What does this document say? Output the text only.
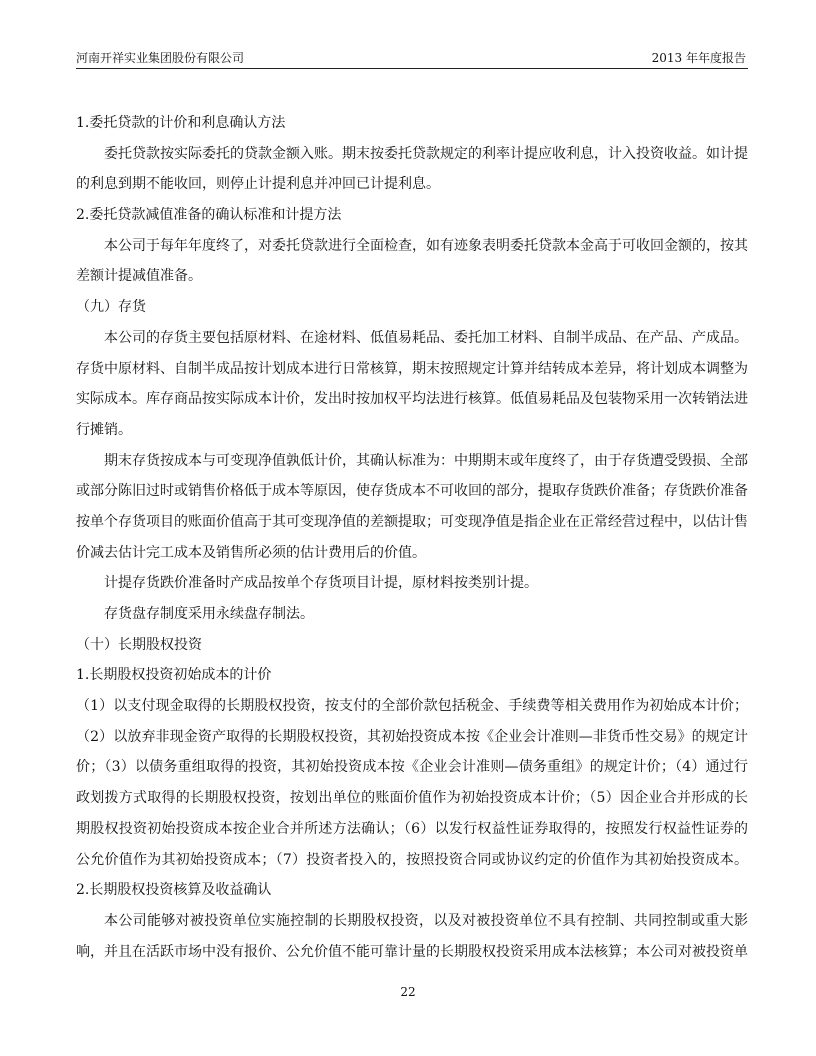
河南开祥实业集团股份有限公司	2013 年年度报告
1.委托贷款的计价和利息确认方法
委托贷款按实际委托的贷款金额入账。期末按委托贷款规定的利率计提应收利息，计入投资收益。如计提
的利息到期不能收回，则停止计提利息并冲回已计提利息。
2.委托贷款减值准备的确认标准和计提方法
本公司于每年年度终了，对委托贷款进行全面检查，如有迹象表明委托贷款本金高于可收回金额的，按其
差额计提减值准备。
（九）存货
本公司的存货主要包括原材料、在途材料、低值易耗品、委托加工材料、自制半成品、在产品、产成品。
存货中原材料、自制半成品按计划成本进行日常核算，期末按照规定计算并结转成本差异，将计划成本调整为
实际成本。库存商品按实际成本计价，发出时按加权平均法进行核算。低值易耗品及包装物采用一次转销法进
行摊销。
期末存货按成本与可变现净值孰低计价，其确认标准为：中期期末或年度终了，由于存货遭受毁损、全部
或部分陈旧过时或销售价格低于成本等原因，使存货成本不可收回的部分，提取存货跌价准备；存货跌价准备
按单个存货项目的账面价值高于其可变现净值的差额提取；可变现净值是指企业在正常经营过程中，以估计售
价减去估计完工成本及销售所必须的估计费用后的价值。
计提存货跌价准备时产成品按单个存货项目计提，原材料按类别计提。
存货盘存制度采用永续盘存制法。
（十）长期股权投资
1.长期股权投资初始成本的计价
（1）以支付现金取得的长期股权投资，按支付的全部价款包括税金、手续费等相关费用作为初始成本计价；
（2）以放弃非现金资产取得的长期股权投资，其初始投资成本按《企业会计准则—非货币性交易》的规定计
价；（3）以债务重组取得的投资，其初始投资成本按《企业会计准则—债务重组》的规定计价；（4）通过行
政划拨方式取得的长期股权投资，按划出单位的账面价值作为初始投资成本计价；（5）因企业合并形成的长
期股权投资初始投资成本按企业合并所述方法确认；（6）以发行权益性证券取得的，按照发行权益性证券的
公允价值作为其初始投资成本；（7）投资者投入的，按照投资合同或协议约定的价值作为其初始投资成本。
2.长期股权投资核算及收益确认
本公司能够对被投资单位实施控制的长期股权投资，以及对被投资单位不具有控制、共同控制或重大影
响，并且在活跃市场中没有报价、公允价值不能可靠计量的长期股权投资采用成本法核算；本公司对被投资单
22
